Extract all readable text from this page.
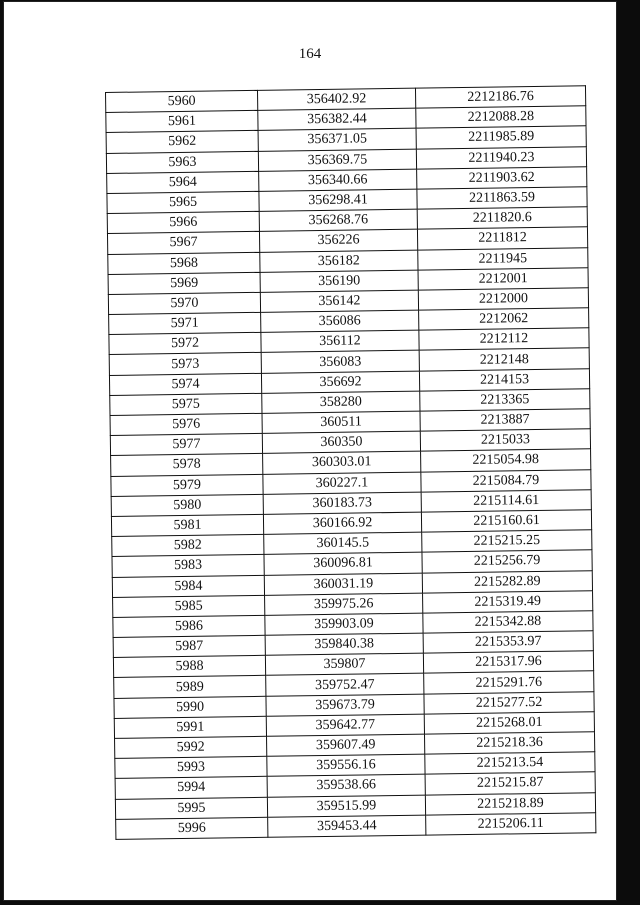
164
5960	356402.92	2212186.76
5961	356382.44	2212088.28
5962	356371.05	2211985.89
5963	356369.75	2211940.23
5964	356340.66	2211903.62
5965	356298.41	2211863.59
5966	356268.76	2211820.6
5967	356226	2211812
5968	356182	2211945
5969	356190	2212001
5970	356142	2212000
5971	356086	2212062
5972	356112	2212112
5973	356083	2212148
5974	356692	2214153
5975	358280	2213365
5976	360511	2213887
5977	360350	2215033
5978	360303.01	2215054.98
5979	360227.1	2215084.79
5980	360183.73	2215114.61
5981	360166.92	2215160.61
5982	360145.5	2215215.25
5983	360096.81	2215256.79
5984	360031.19	2215282.89
5985	359975.26	2215319.49
5986	359903.09	2215342.88
5987	359840.38	2215353.97
5988	359807	2215317.96
5989	359752.47	2215291.76
5990	359673.79	2215277.52
5991	359642.77	2215268.01
5992	359607.49	2215218.36
5993	359556.16	2215213.54
5994	359538.66	2215215.87
5995	359515.99	2215218.89
5996	359453.44	2215206.11
